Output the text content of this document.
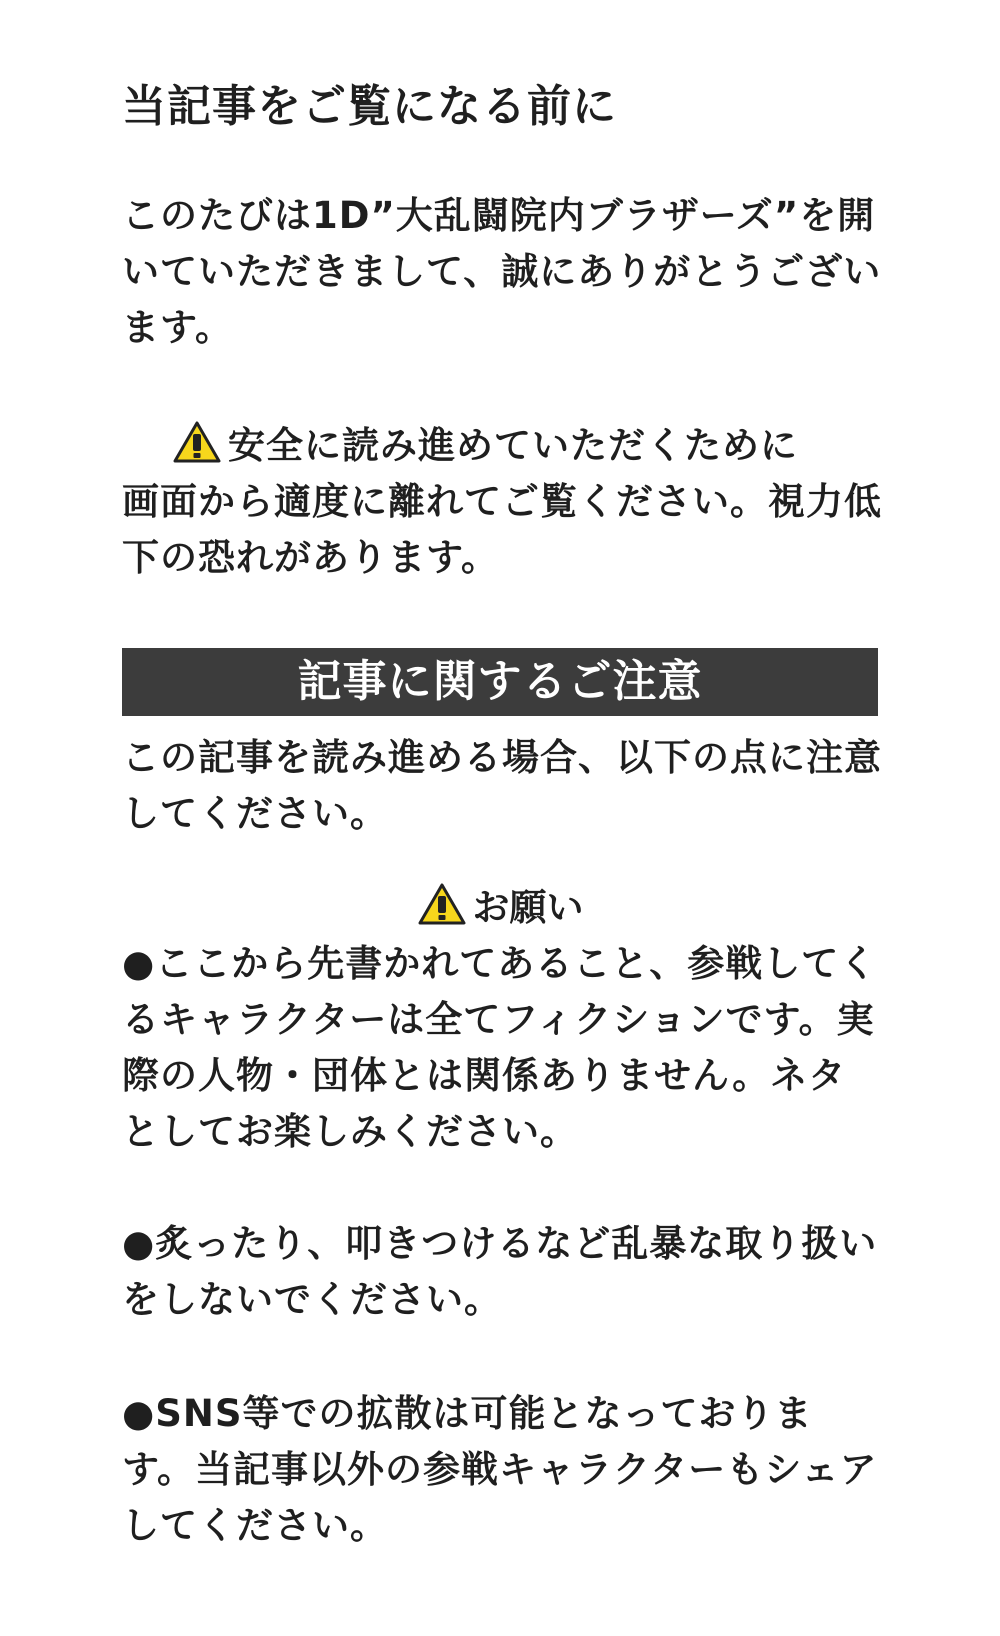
当記事をご覧になる前に
このたびは1D”大乱闘院内ブラザーズ”を開いていただきまして、誠にありがとうございます。
安全に読み進めていただくために
画面から適度に離れてご覧ください。視力低下の恐れがあります。
記事に関するご注意
この記事を読み進める場合、以下の点に注意してください。
お願い
●ここから先書かれてあること、参戦してくるキャラクターは全てフィクションです。実際の人物・団体とは関係ありません。ネタとしてお楽しみください。
●炙ったり、叩きつけるなど乱暴な取り扱いをしないでください。
●SNS等での拡散は可能となっております。当記事以外の参戦キャラクターもシェアしてください。
